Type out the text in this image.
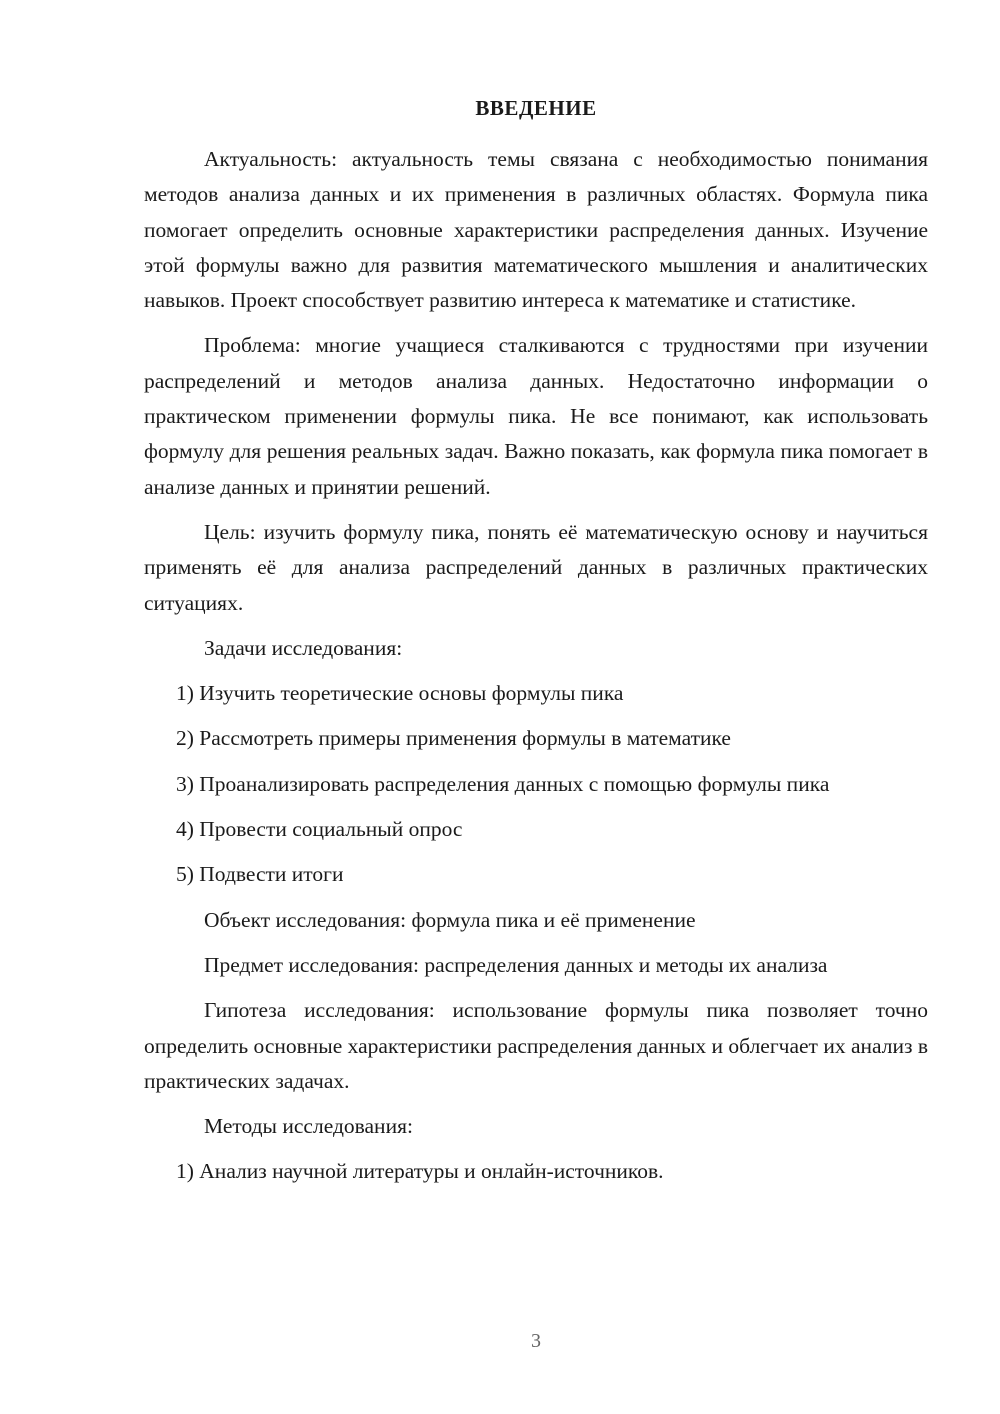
ВВЕДЕНИЕ

Актуальность: актуальность темы связана с необходимостью понимания методов анализа данных и их применения в различных областях. Формула пика помогает определить основные характеристики распределения данных. Изучение этой формулы важно для развития математического мышления и аналитических навыков. Проект способствует развитию интереса к математике и статистике.

Проблема: многие учащиеся сталкиваются с трудностями при изучении распределений и методов анализа данных. Недостаточно информации о практическом применении формулы пика. Не все понимают, как использовать формулу для решения реальных задач. Важно показать, как формула пика помогает в анализе данных и принятии решений.

Цель: изучить формулу пика, понять её математическую основу и научиться применять её для анализа распределений данных в различных практических ситуациях.

Задачи исследования:

1) Изучить теоретические основы формулы пика

2) Рассмотреть примеры применения формулы в математике

3) Проанализировать распределения данных с помощью формулы пика

4) Провести социальный опрос

5) Подвести итоги

Объект исследования: формула пика и её применение

Предмет исследования: распределения данных и методы их анализа

Гипотеза исследования: использование формулы пика позволяет точно определить основные характеристики распределения данных и облегчает их анализ в практических задачах.

Методы исследования:

1) Анализ научной литературы и онлайн-источников.

3
